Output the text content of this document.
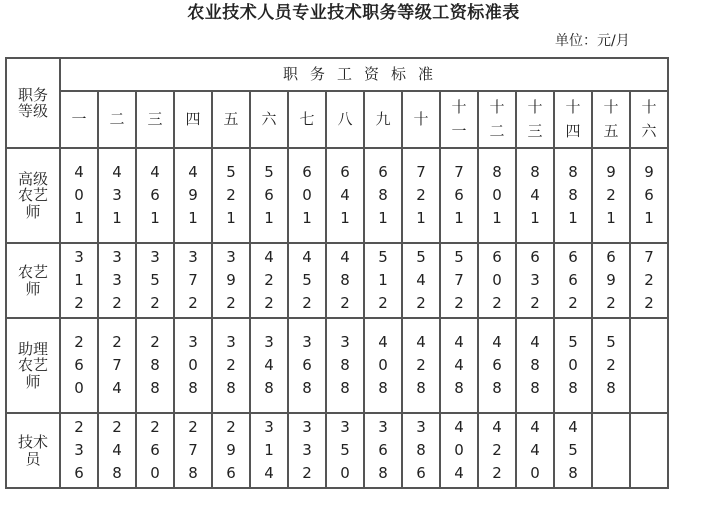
农业技术人员专业技术职务等级工资标准表
单位：元/月
职务等级	职务工资标准															
	一	二	三	四	五	六	七	八	九	十	十一	十二	十三	十四	十五	十六
高级农艺师	401	431	461	491	521	561	601	641	681	721	761	801	841	881	921	961
农艺师	312	332	352	372	392	422	452	482	512	542	572	602	632	662	692	722
助理农艺师	260	274	288	308	328	348	368	388	408	428	448	468	488	508	528	
技术员	236	248	260	278	296	314	332	350	368	386	404	422	440	458		
